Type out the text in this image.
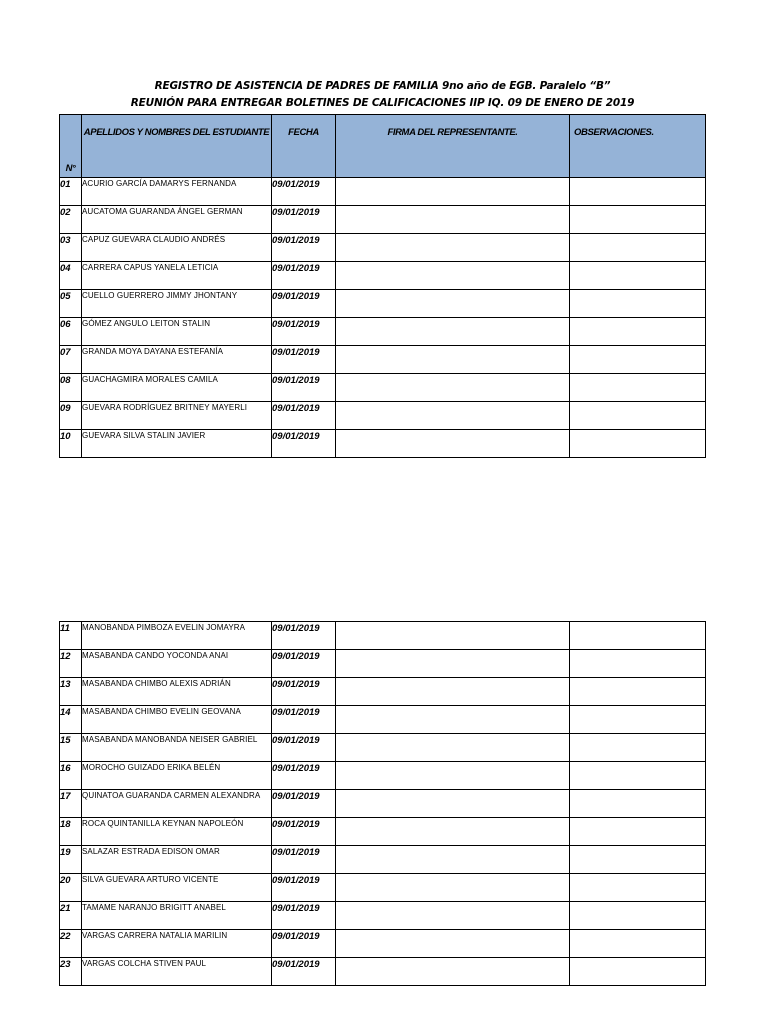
REGISTRO DE ASISTENCIA DE PADRES DE FAMILIA 9no año de EGB. Paralelo “B”
REUNIÓN PARA ENTREGAR BOLETINES DE CALIFICACIONES IIP IQ. 09 DE ENERO DE 2019
N°	APELLIDOS Y NOMBRES DEL ESTUDIANTE	FECHA	FIRMA DEL REPRESENTANTE.	OBSERVACIONES.
01	ACURIO GARCÍA DAMARYS FERNANDA	09/01/2019		
02	AUCATOMA GUARANDA ÁNGEL GERMAN	09/01/2019		
03	CAPUZ GUEVARA CLAUDIO ANDRÉS	09/01/2019		
04	CARRERA CAPUS YANELA LETICIA	09/01/2019		
05	CUELLO GUERRERO JIMMY JHONTANY	09/01/2019		
06	GÓMEZ ANGULO LEITON STALIN	09/01/2019		
07	GRANDA MOYA DAYANA ESTEFANÍA	09/01/2019		
08	GUACHAGMIRA MORALES CAMILA	09/01/2019		
09	GUEVARA RODRÍGUEZ BRITNEY MAYERLI	09/01/2019		
10	GUEVARA SILVA STALIN JAVIER	09/01/2019		
11	MANOBANDA PIMBOZA EVELIN JOMAYRA	09/01/2019		
12	MASABANDA CANDO YOCONDA ANAI	09/01/2019		
13	MASABANDA CHIMBO ALEXIS ADRIÁN	09/01/2019		
14	MASABANDA CHIMBO EVELIN GEOVANA	09/01/2019		
15	MASABANDA MANOBANDA NEISER GABRIEL	09/01/2019		
16	MOROCHO GUIZADO ERIKA BELÉN	09/01/2019		
17	QUINATOA GUARANDA CARMEN ALEXANDRA	09/01/2019		
18	ROCA QUINTANILLA KEYNAN NAPOLEÓN	09/01/2019		
19	SALAZAR ESTRADA EDISON OMAR	09/01/2019		
20	SILVA GUEVARA ARTURO VICENTE	09/01/2019		
21	TAMAME NARANJO BRIGITT ANABEL	09/01/2019		
22	VARGAS CARRERA NATALIA MARILIN	09/01/2019		
23	VARGAS COLCHA STIVEN PAUL	09/01/2019		
